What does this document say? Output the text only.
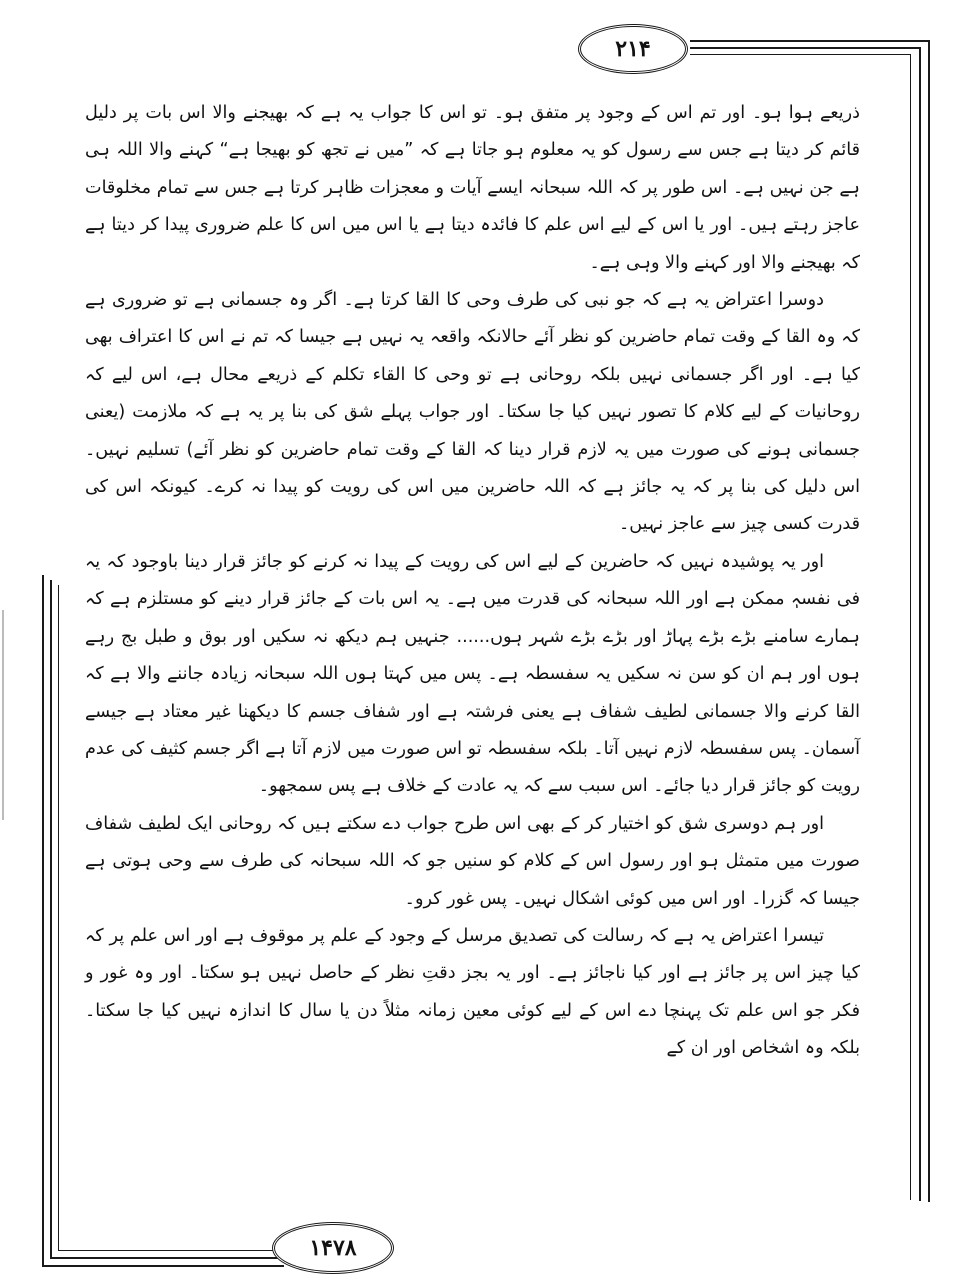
۲۱۴
۱۴۷۸

ذریعے ہوا ہو۔ اور تم اس کے وجود پر متفق ہو۔ تو اس کا جواب یہ ہے کہ بھیجنے والا اس بات پر دلیل قائم کر دیتا ہے جس سے رسول کو یہ معلوم ہو جاتا ہے کہ ”میں نے تجھ کو بھیجا ہے“ کہنے والا اللہ ہی ہے جن نہیں ہے۔ اس طور پر کہ اللہ سبحانہ ایسے آیات و معجزات ظاہر کرتا ہے جس سے تمام مخلوقات عاجز رہتے ہیں۔ اور یا اس کے لیے اس علم کا فائدہ دیتا ہے یا اس میں اس کا علم ضروری پیدا کر دیتا ہے کہ بھیجنے والا اور کہنے والا وہی ہے۔

دوسرا اعتراض یہ ہے کہ جو نبی کی طرف وحی کا القا کرتا ہے۔ اگر وہ جسمانی ہے تو ضروری ہے کہ وہ القا کے وقت تمام حاضرین کو نظر آئے حالانکہ واقعہ یہ نہیں ہے جیسا کہ تم نے اس کا اعتراف بھی کیا ہے۔ اور اگر جسمانی نہیں بلکہ روحانی ہے تو وحی کا القاء تکلم کے ذریعے محال ہے، اس لیے کہ روحانیات کے لیے کلام کا تصور نہیں کیا جا سکتا۔ اور جواب پہلے شق کی بنا پر یہ ہے کہ ملازمت (یعنی جسمانی ہونے کی صورت میں یہ لازم قرار دینا کہ القا کے وقت تمام حاضرین کو نظر آئے) تسلیم نہیں۔ اس دلیل کی بنا پر کہ یہ جائز ہے کہ اللہ حاضرین میں اس کی رویت کو پیدا نہ کرے۔ کیونکہ اس کی قدرت کسی چیز سے عاجز نہیں۔

اور یہ پوشیدہ نہیں کہ حاضرین کے لیے اس کی رویت کے پیدا نہ کرنے کو جائز قرار دینا باوجود کہ یہ فی نفسہٖ ممکن ہے اور اللہ سبحانہ کی قدرت میں ہے۔ یہ اس بات کے جائز قرار دینے کو مستلزم ہے کہ ہمارے سامنے بڑے بڑے پہاڑ اور بڑے بڑے شہر ہوں...... جنہیں ہم دیکھ نہ سکیں اور بوق و طبل بج رہے ہوں اور ہم ان کو سن نہ سکیں یہ سفسطہ ہے۔ پس میں کہتا ہوں اللہ سبحانہ زیادہ جاننے والا ہے کہ القا کرنے والا جسمانی لطیف شفاف ہے یعنی فرشتہ ہے اور شفاف جسم کا دیکھنا غیر معتاد ہے جیسے آسمان۔ پس سفسطہ لازم نہیں آتا۔ بلکہ سفسطہ تو اس صورت میں لازم آتا ہے اگر جسم کثیف کی عدم رویت کو جائز قرار دیا جائے۔ اس سبب سے کہ یہ عادت کے خلاف ہے پس سمجھو۔

اور ہم دوسری شق کو اختیار کر کے بھی اس طرح جواب دے سکتے ہیں کہ روحانی ایک لطیف شفاف صورت میں متمثل ہو اور رسول اس کے کلام کو سنیں جو کہ اللہ سبحانہ کی طرف سے وحی ہوتی ہے جیسا کہ گزرا۔ اور اس میں کوئی اشکال نہیں۔ پس غور کرو۔

تیسرا اعتراض یہ ہے کہ رسالت کی تصدیق مرسل کے وجود کے علم پر موقوف ہے اور اس علم پر کہ کیا چیز اس پر جائز ہے اور کیا ناجائز ہے۔ اور یہ بجز دقتِ نظر کے حاصل نہیں ہو سکتا۔ اور وہ غور و فکر جو اس علم تک پہنچا دے اس کے لیے کوئی معین زمانہ مثلاً دن یا سال کا اندازہ نہیں کیا جا سکتا۔ بلکہ وہ اشخاص اور ان کے
